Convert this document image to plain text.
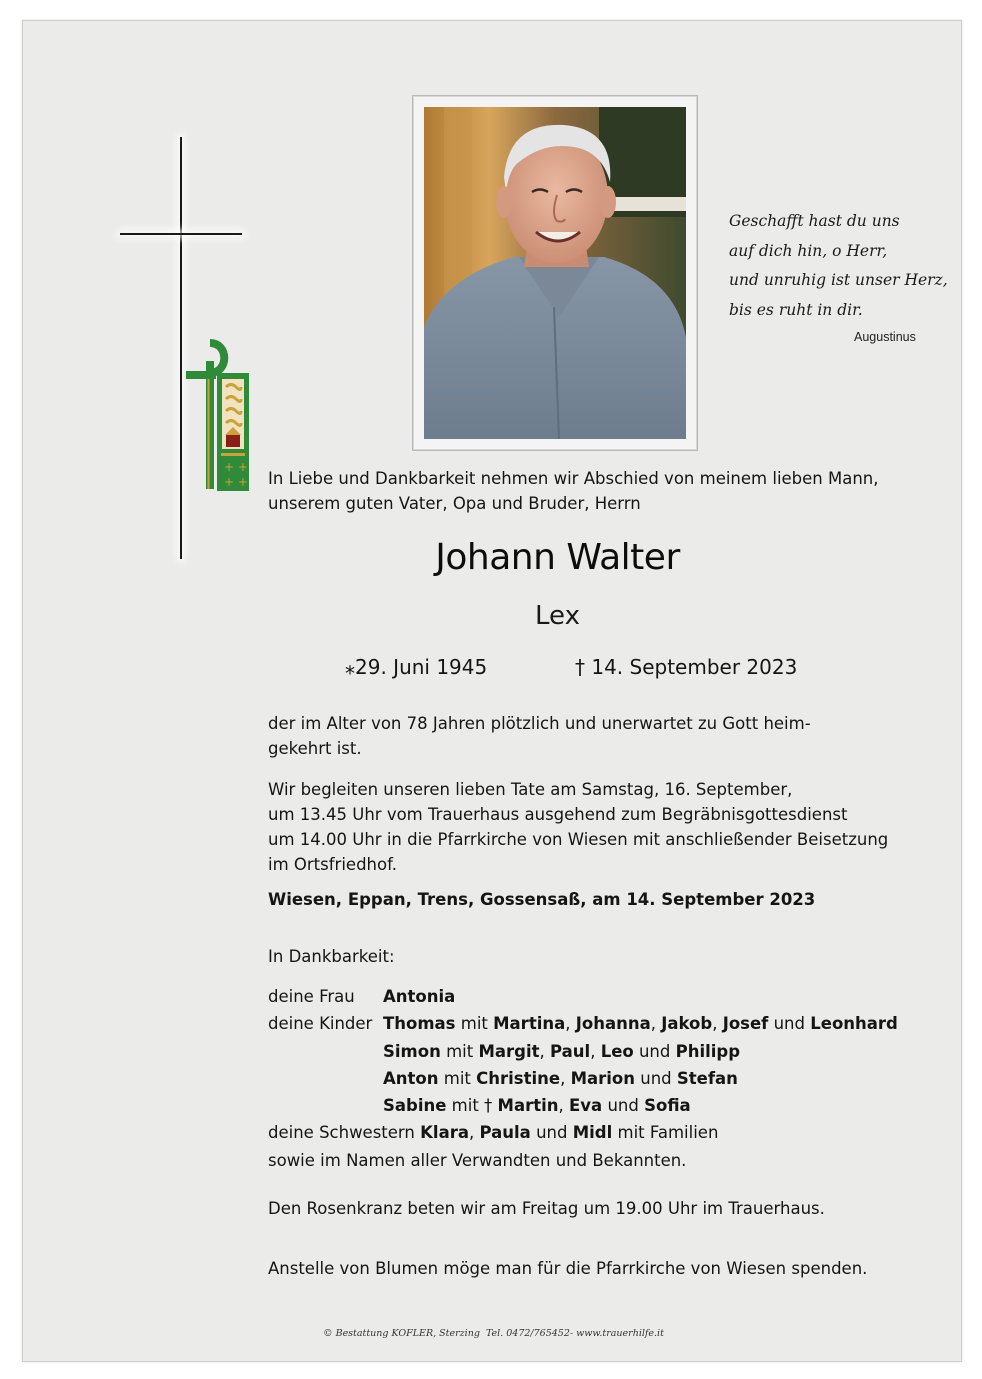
+ +
+ +
Geschafft hast du uns
auf dich hin, o Herr,
und unruhig ist unser Herz,
bis es ruht in dir.
Augustinus
In Liebe und Dankbarkeit nehmen wir Abschied von meinem lieben Mann,
unserem guten Vater, Opa und Bruder, Herrn
Johann Walter
Lex
⁎29. Juni 1945	† 14. September 2023
der im Alter von 78 Jahren plötzlich und unerwartet zu Gott heim-
gekehrt ist.
Wir begleiten unseren lieben Tate am Samstag, 16. September,
um 13.45 Uhr vom Trauerhaus ausgehend zum Begräbnisgottesdienst
um 14.00 Uhr in die Pfarrkirche von Wiesen mit anschließender Beisetzung
im Ortsfriedhof.
Wiesen, Eppan, Trens, Gossensaß, am 14. September 2023
In Dankbarkeit:
deine Frau Antonia
deine Kinder Thomas mit Martina, Johanna, Jakob, Josef und Leonhard
Simon mit Margit, Paul, Leo und Philipp
Anton mit Christine, Marion und Stefan
Sabine mit † Martin, Eva und Sofia
deine Schwestern Klara, Paula und Midl mit Familien
sowie im Namen aller Verwandten und Bekannten.
Den Rosenkranz beten wir am Freitag um 19.00 Uhr im Trauerhaus.
Anstelle von Blumen möge man für die Pfarrkirche von Wiesen spenden.
© Bestattung KOFLER, Sterzing  Tel. 0472/765452- www.trauerhilfe.it
